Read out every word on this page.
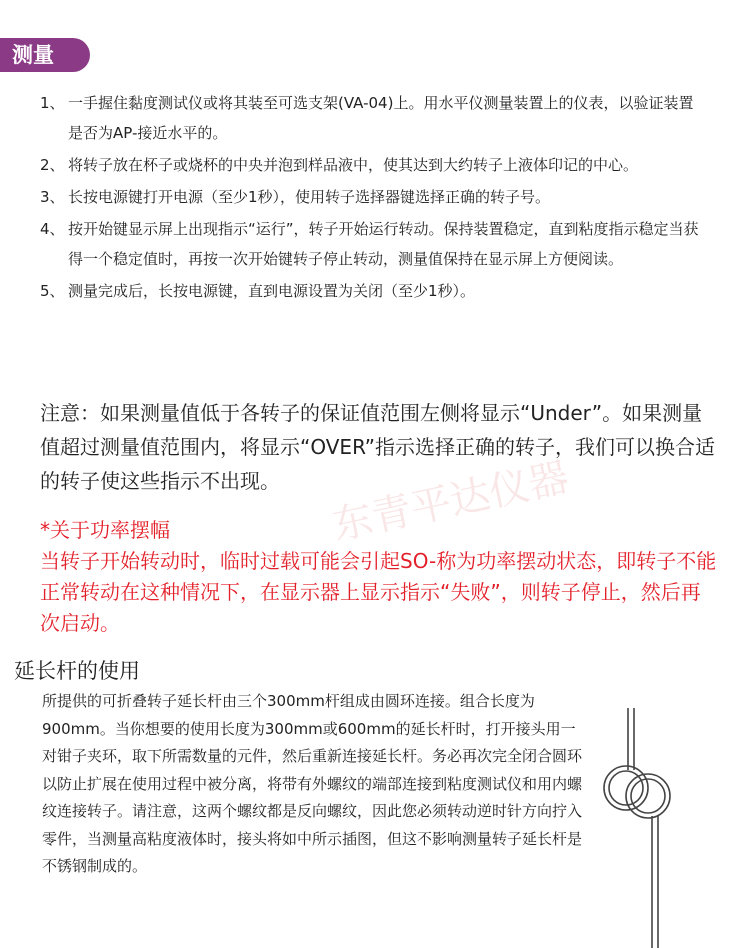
测量
东青平达仪器
1、 一手握住黏度测试仪或将其装至可选支架(VA-04)上。用水平仪测量装置上的仪表，以验证装置是否为AP-接近水平的。
2、 将转子放在杯子或烧杯的中央并泡到样品液中，使其达到大约转子上液体印记的中心。
3、 长按电源键打开电源（至少1秒），使用转子选择器键选择正确的转子号。
4、 按开始键显示屏上出现指示“运行”，转子开始运行转动。保持装置稳定，直到粘度指示稳定当获得一个稳定值时，再按一次开始键转子停止转动，测量值保持在显示屏上方便阅读。
5、 测量完成后，长按电源键，直到电源设置为关闭（至少1秒）。
注意：如果测量值低于各转子的保证值范围左侧将显示“Under”。如果测量值超过测量值范围内，将显示“OVER”指示选择正确的转子，我们可以换合适的转子使这些指示不出现。
*关于功率摆幅
当转子开始转动时，临时过载可能会引起SO-称为功率摆动状态，即转子不能正常转动在这种情况下，在显示器上显示指示“失败”，则转子停止，然后再次启动。
延长杆的使用
所提供的可折叠转子延长杆由三个300mm杆组成由圆环连接。组合长度为900mm。当你想要的使用长度为300mm或600mm的延长杆时，打开接头用一对钳子夹环，取下所需数量的元件，然后重新连接延长杆。务必再次完全闭合圆环以防止扩展在使用过程中被分离，将带有外螺纹的端部连接到粘度测试仪和用内螺纹连接转子。请注意，这两个螺纹都是反向螺纹，因此您必须转动逆时针方向拧入零件，当测量高粘度液体时，接头将如中所示插图，但这不影响测量转子延长杆是不锈钢制成的。
